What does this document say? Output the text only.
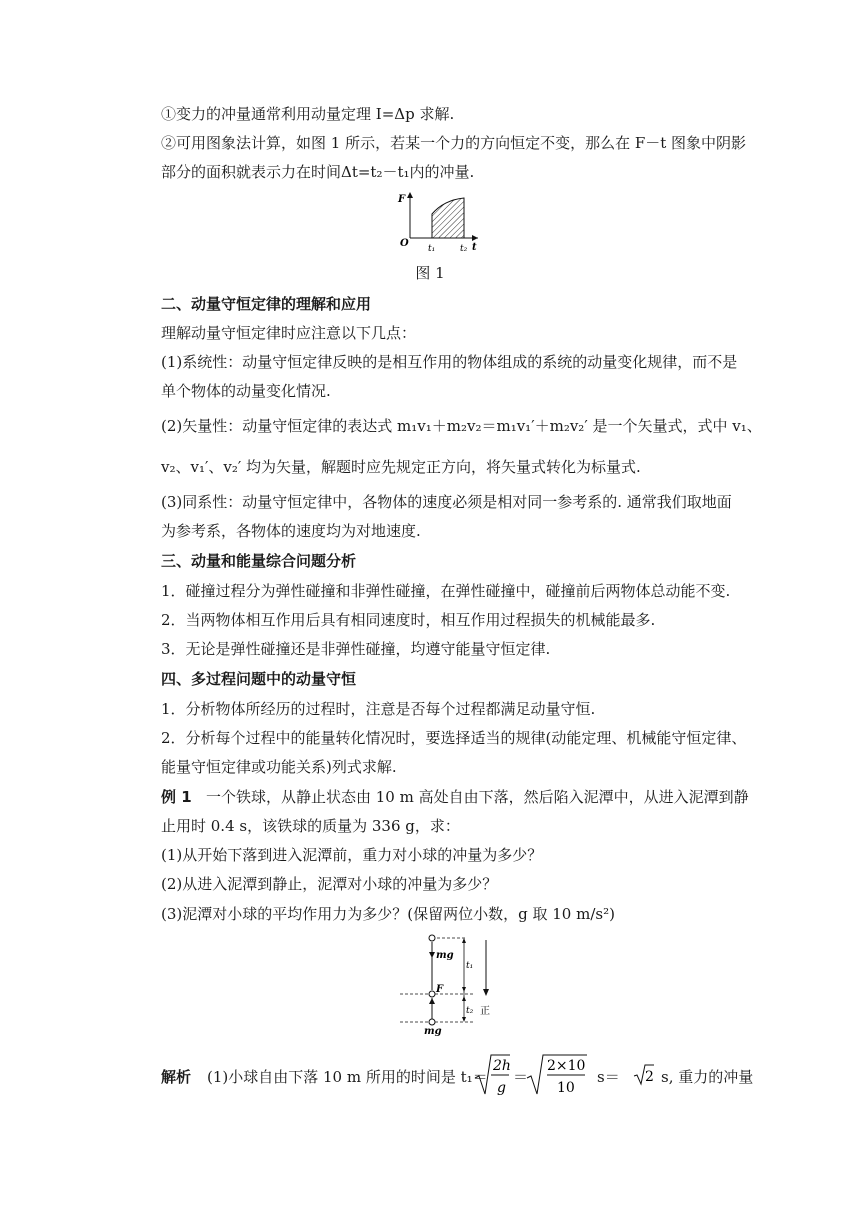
①变力的冲量通常利用动量定理 I=Δp 求解.
②可用图象法计算，如图 1 所示，若某一个力的方向恒定不变，那么在 F－t 图象中阴影
部分的面积就表示力在时间Δt=t₂－t₁内的冲量.
F
t
O t₁	t₂
图 1
二、动量守恒定律的理解和应用
理解动量守恒定律时应注意以下几点：
(1)系统性：动量守恒定律反映的是相互作用的物体组成的系统的动量变化规律，而不是
单个物体的动量变化情况.
(2)矢量性：动量守恒定律的表达式 m₁v₁＋m₂v₂＝m₁v₁′＋m₂v₂′ 是一个矢量式，式中 v₁、
v₂、v₁′、v₂′ 均为矢量，解题时应先规定正方向，将矢量式转化为标量式.
(3)同系性：动量守恒定律中，各物体的速度必须是相对同一参考系的. 通常我们取地面
为参考系，各物体的速度均为对地速度.
三、动量和能量综合问题分析
1．碰撞过程分为弹性碰撞和非弹性碰撞，在弹性碰撞中，碰撞前后两物体总动能不变.
2．当两物体相互作用后具有相同速度时，相互作用过程损失的机械能最多.
3．无论是弹性碰撞还是非弹性碰撞，均遵守能量守恒定律.
四、多过程问题中的动量守恒
1．分析物体所经历的过程时，注意是否每个过程都满足动量守恒.
2．分析每个过程中的能量转化情况时，要选择适当的规律(动能定理、机械能守恒定律、
能量守恒定律或功能关系)列式求解.
例 1 一个铁球，从静止状态由 10 m 高处自由下落，然后陷入泥潭中，从进入泥潭到静
止用时 0.4 s，该铁球的质量为 336 g，求：
(1)从开始下落到进入泥潭前，重力对小球的冲量为多少？
(2)从进入泥潭到静止，泥潭对小球的冲量为多少？
(3)泥潭对小球的平均作用力为多少？(保留两位小数，g 取 10 m/s²)
mg
F
mg
t₁
t₂ 正
解析 (1)小球自由下落 10 m 所用的时间是 t₁＝
2h
g
＝
2×10
10
s＝ 2 s, 重力的冲量
